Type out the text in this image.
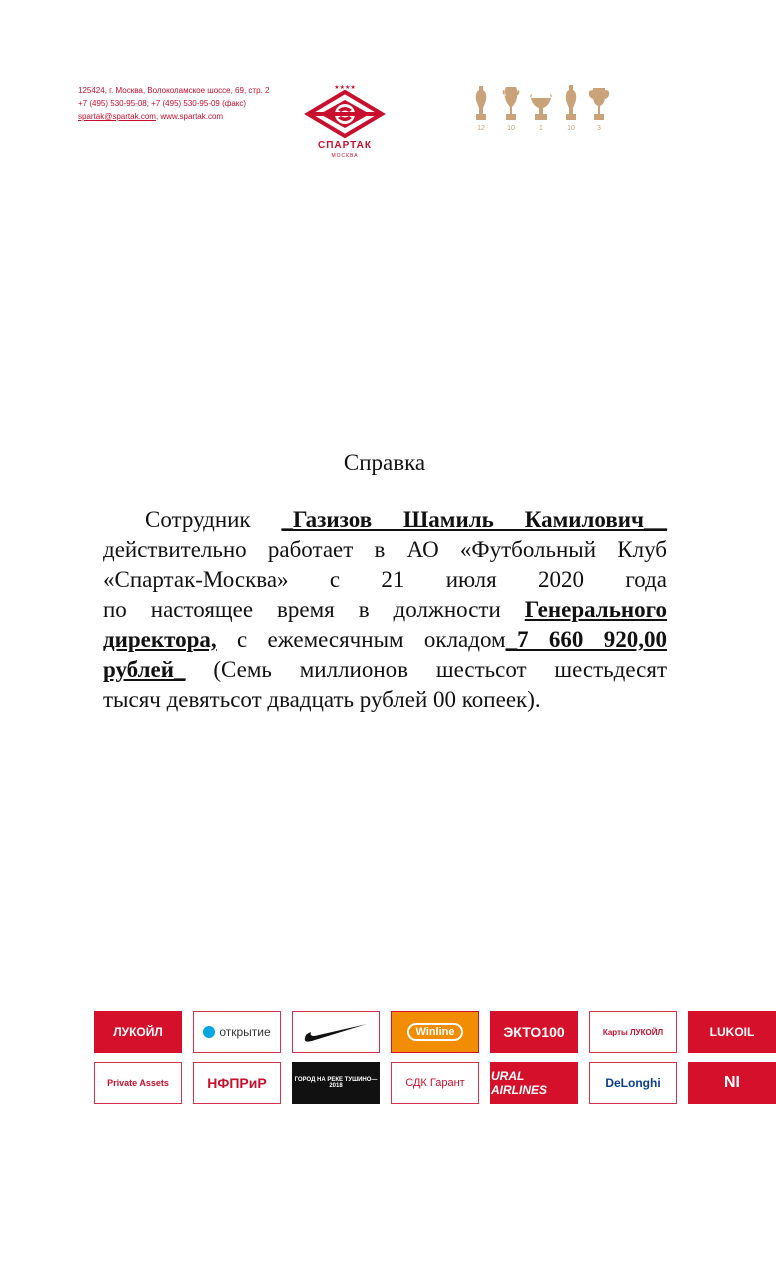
125424, г. Москва, Волоколамское шоссе, 69, стр. 2
+7 (495) 530-95-08; +7 (495) 530-95-09 (факс)
spartak@spartak.com, www.spartak.com
★★★★
СПАРТАК
МОСКВА
12	10	1	10	3
Справка
Сотрудник _Газизов Шамиль Камилович__
действительно работает в АО «Футбольный Клуб
«Спартак-Москва» с 21 июля 2020 года
по настоящее время в должности Генерального
директора, с ежемесячным окладом_7 660 920,00
рублей_ (Семь миллионов шестьсот шестьдесят
тысяч девятьсот двадцать рублей 00 копеек).
ЛУКОЙЛ	открытие	Winline	ЭКТО100	Карты ЛУКОЙЛ	LUKOIL
Private Assets	НФПРиР	ГОРОД НА РЕКЕ ТУШИНО—2018	СДК Гарант	URAL AIRLINES	DeLonghi	NI
